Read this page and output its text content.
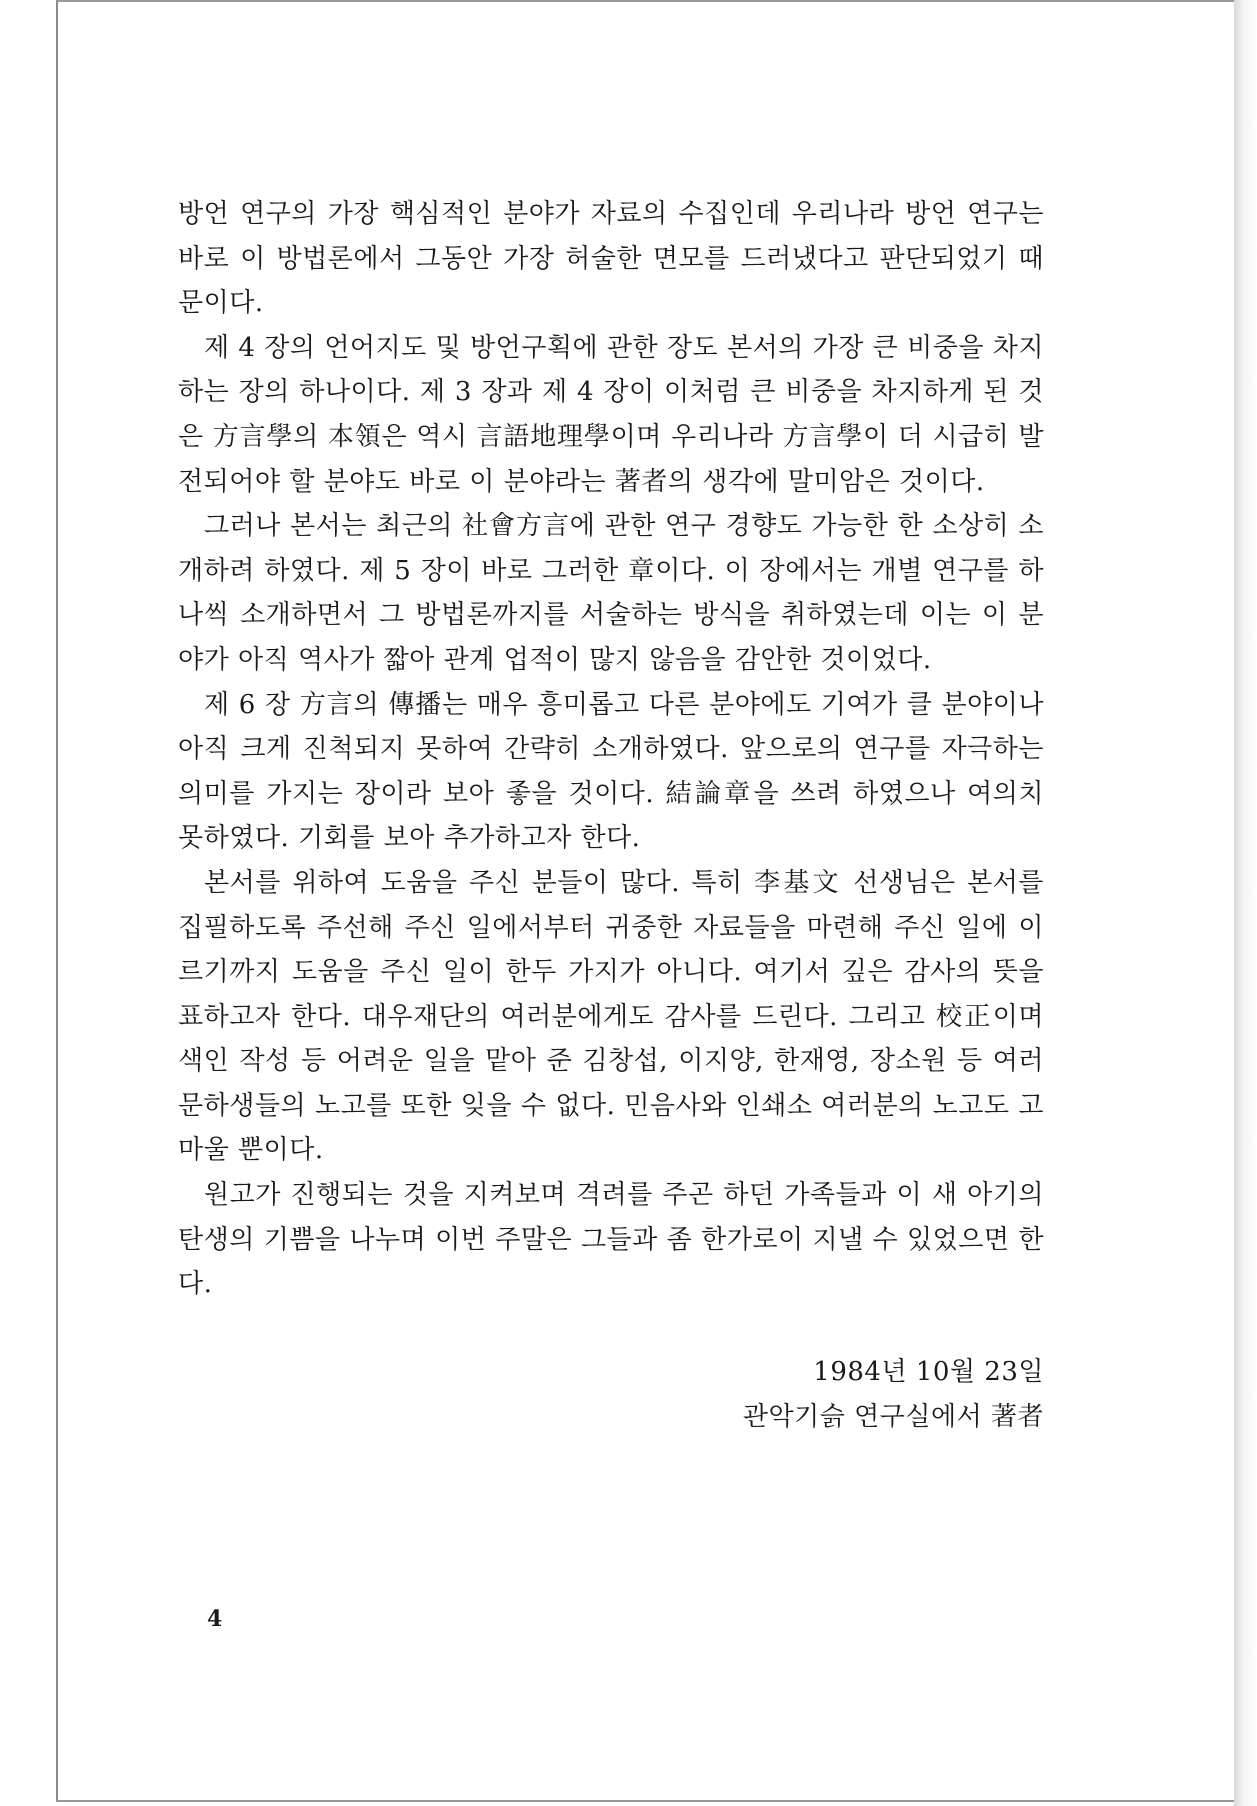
방언 연구의 가장 핵심적인 분야가 자료의 수집인데 우리나라 방언 연구는 바로 이 방법론에서 그동안 가장 허술한 면모를 드러냈다고 판단되었기 때문이다.

제 4 장의 언어지도 및 방언구획에 관한 장도 본서의 가장 큰 비중을 차지하는 장의 하나이다. 제 3 장과 제 4 장이 이처럼 큰 비중을 차지하게 된 것은 方言學의 本領은 역시 言語地理學이며 우리나라 方言學이 더 시급히 발전되어야 할 분야도 바로 이 분야라는 著者의 생각에 말미암은 것이다.

그러나 본서는 최근의 社會方言에 관한 연구 경향도 가능한 한 소상히 소개하려 하였다. 제 5 장이 바로 그러한 章이다. 이 장에서는 개별 연구를 하나씩 소개하면서 그 방법론까지를 서술하는 방식을 취하였는데 이는 이 분야가 아직 역사가 짧아 관계 업적이 많지 않음을 감안한 것이었다.

제 6 장 方言의 傳播는 매우 흥미롭고 다른 분야에도 기여가 클 분야이나 아직 크게 진척되지 못하여 간략히 소개하였다. 앞으로의 연구를 자극하는 의미를 가지는 장이라 보아 좋을 것이다. 結論章을 쓰려 하였으나 여의치 못하였다. 기회를 보아 추가하고자 한다.

본서를 위하여 도움을 주신 분들이 많다. 특히 李基文 선생님은 본서를 집필하도록 주선해 주신 일에서부터 귀중한 자료들을 마련해 주신 일에 이르기까지 도움을 주신 일이 한두 가지가 아니다. 여기서 깊은 감사의 뜻을 표하고자 한다. 대우재단의 여러분에게도 감사를 드린다. 그리고 校正이며 색인 작성 등 어려운 일을 맡아 준 김창섭, 이지양, 한재영, 장소원 등 여러 문하생들의 노고를 또한 잊을 수 없다. 민음사와 인쇄소 여러분의 노고도 고마울 뿐이다.

원고가 진행되는 것을 지켜보며 격려를 주곤 하던 가족들과 이 새 아기의 탄생의 기쁨을 나누며 이번 주말은 그들과 좀 한가로이 지낼 수 있었으면 한다.

1984년 10월 23일
관악기슭 연구실에서 著者
4
